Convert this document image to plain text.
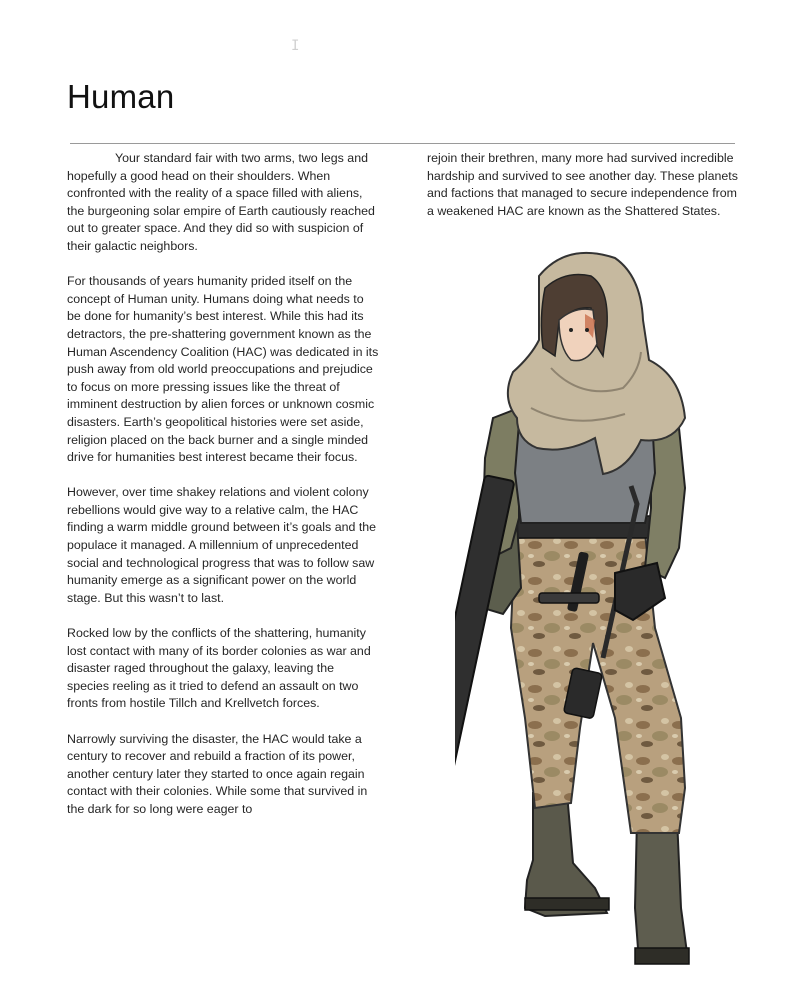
I
Human

Your standard fair with two arms, two legs and hopefully a good head on their shoulders. When confronted with the reality of a space filled with aliens, the burgeoning solar empire of Earth cautiously reached out to greater space. And they did so with suspicion of their galactic neighbors.

For thousands of years humanity prided itself on the concept of Human unity. Humans doing what needs to be done for humanity’s best interest. While this had its detractors, the pre-shattering government known as the Human Ascendency Coalition (HAC) was dedicated in its push away from old world preoccupations and prejudice to focus on more pressing issues like the threat of imminent destruction by alien forces or unknown cosmic disasters. Earth’s geopolitical histories were set aside, religion placed on the back burner and a single minded drive for humanities best interest became their focus.

However, over time shakey relations and violent colony rebellions would give way to a relative calm, the HAC finding a warm middle ground between it’s goals and the populace it managed. A millennium of unprecedented social and technological progress that was to follow saw humanity emerge as a significant power on the world stage. But this wasn’t to last.

Rocked low by the conflicts of the shattering, humanity lost contact with many of its border colonies as war and disaster raged throughout the galaxy, leaving the species reeling as it tried to defend an assault on two fronts from hostile Tillch and Krellvetch forces.

Narrowly surviving the disaster, the HAC would take a century to recover and rebuild a fraction of its power, another century later they started to once again regain contact with their colonies. While some that survived in the dark for so long were eager to

rejoin their brethren, many more had survived incredible hardship and survived to see another day. These planets and factions that managed to secure independence from a weakened HAC are known as the Shattered States.
